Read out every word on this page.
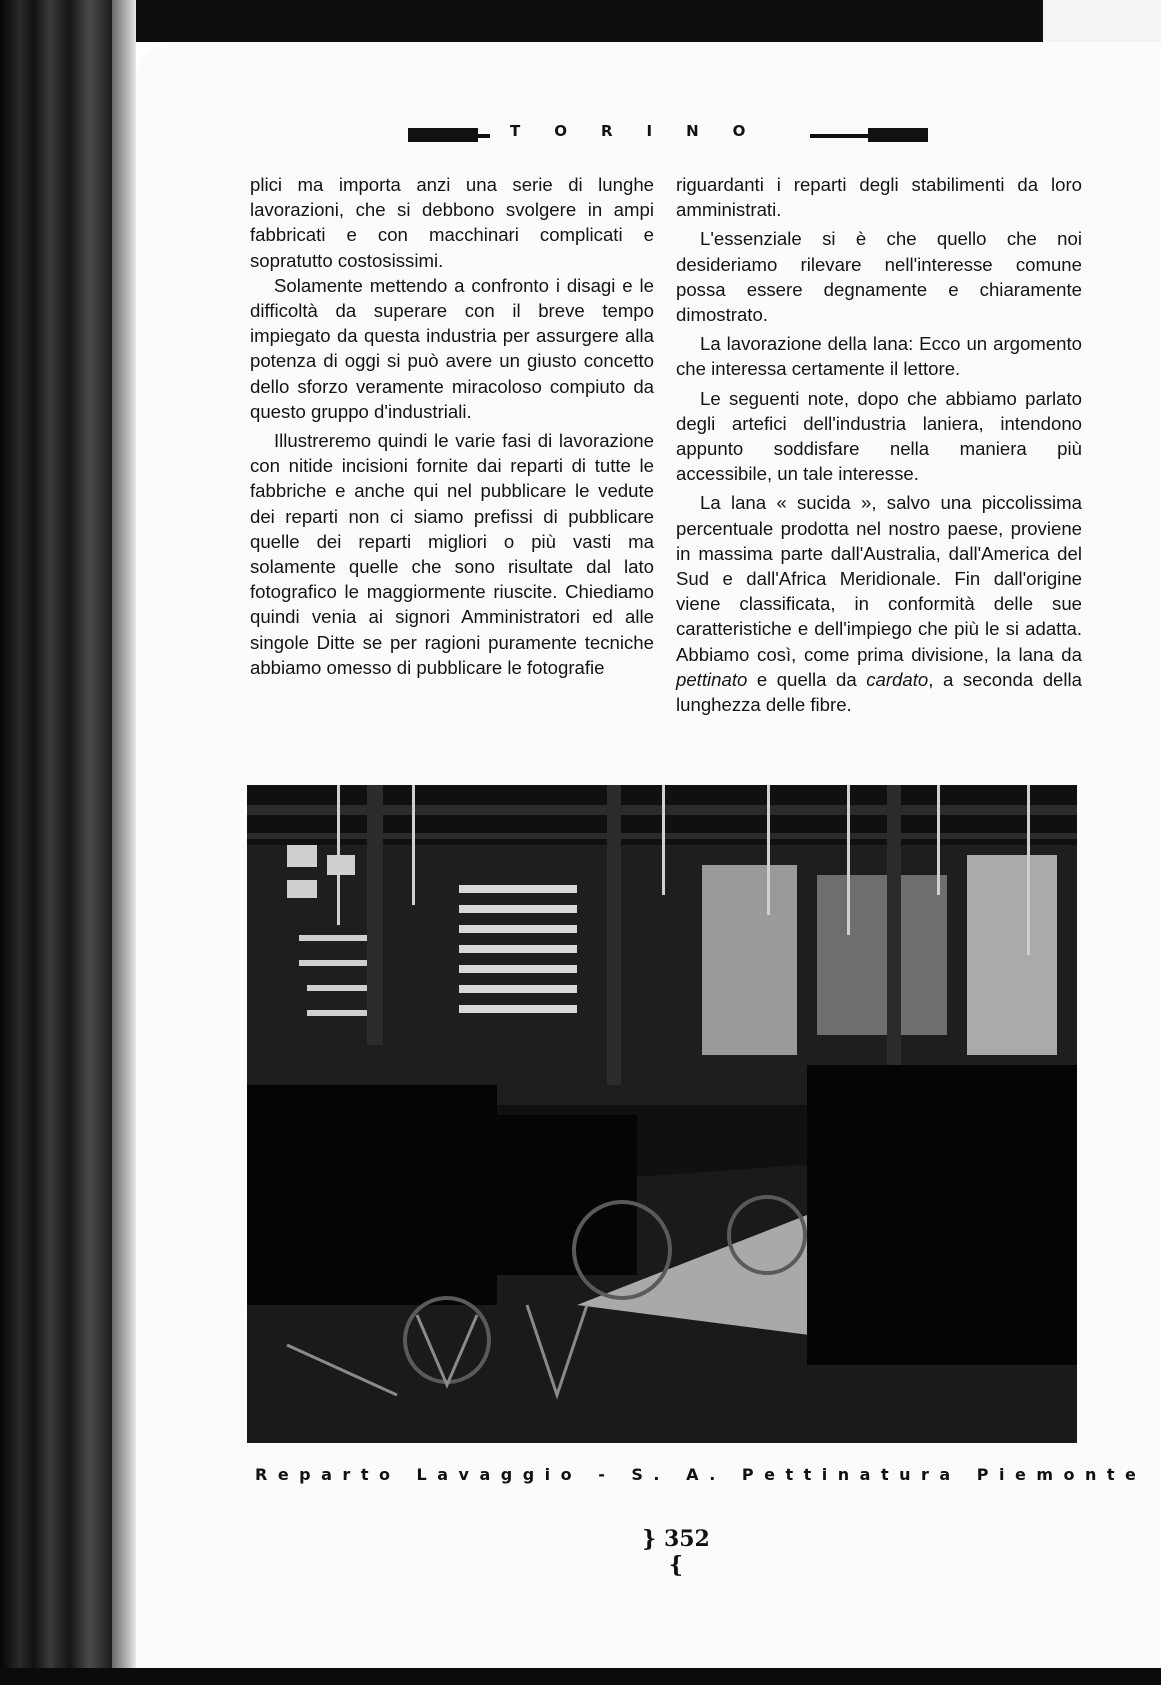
TORINO

plici ma importa anzi una serie di lunghe lavorazioni, che si debbono svolgere in ampi fabbricati e con macchinari complicati e sopratutto costosissimi.

Solamente mettendo a confronto i disagi e le difficoltà da superare con il breve tempo impiegato da questa industria per assurgere alla potenza di oggi si può avere un giusto concetto dello sforzo veramente miracoloso compiuto da questo gruppo d'industriali.

Illustreremo quindi le varie fasi di lavorazione con nitide incisioni fornite dai reparti di tutte le fabbriche e anche qui nel pubblicare le vedute dei reparti non ci siamo prefissi di pubblicare quelle dei reparti migliori o più vasti ma solamente quelle che sono risultate dal lato fotografico le maggiormente riuscite. Chiediamo quindi venia ai signori Amministratori ed alle singole Ditte se per ragioni puramente tecniche abbiamo omesso di pubblicare le fotografie

riguardanti i reparti degli stabilimenti da loro amministrati.

L'essenziale si è che quello che noi desideriamo rilevare nell'interesse comune possa essere degnamente e chiaramente dimostrato.

La lavorazione della lana: Ecco un argomento che interessa certamente il lettore.

Le seguenti note, dopo che abbiamo parlato degli artefici dell'industria laniera, intendono appunto soddisfare nella maniera più accessibile, un tale interesse.

La lana « sucida », salvo una piccolissima percentuale prodotta nel nostro paese, proviene in massima parte dall'Australia, dall'America del Sud e dall'Africa Meridionale. Fin dall'origine viene classificata, in conformità delle sue caratteristiche e dell'impiego che più le si adatta. Abbiamo così, come prima divisione, la lana da pettinato e quella da cardato, a seconda della lunghezza delle fibre.

Reparto Lavaggio - S. A. Pettinatura Piemonte
} 352 {
